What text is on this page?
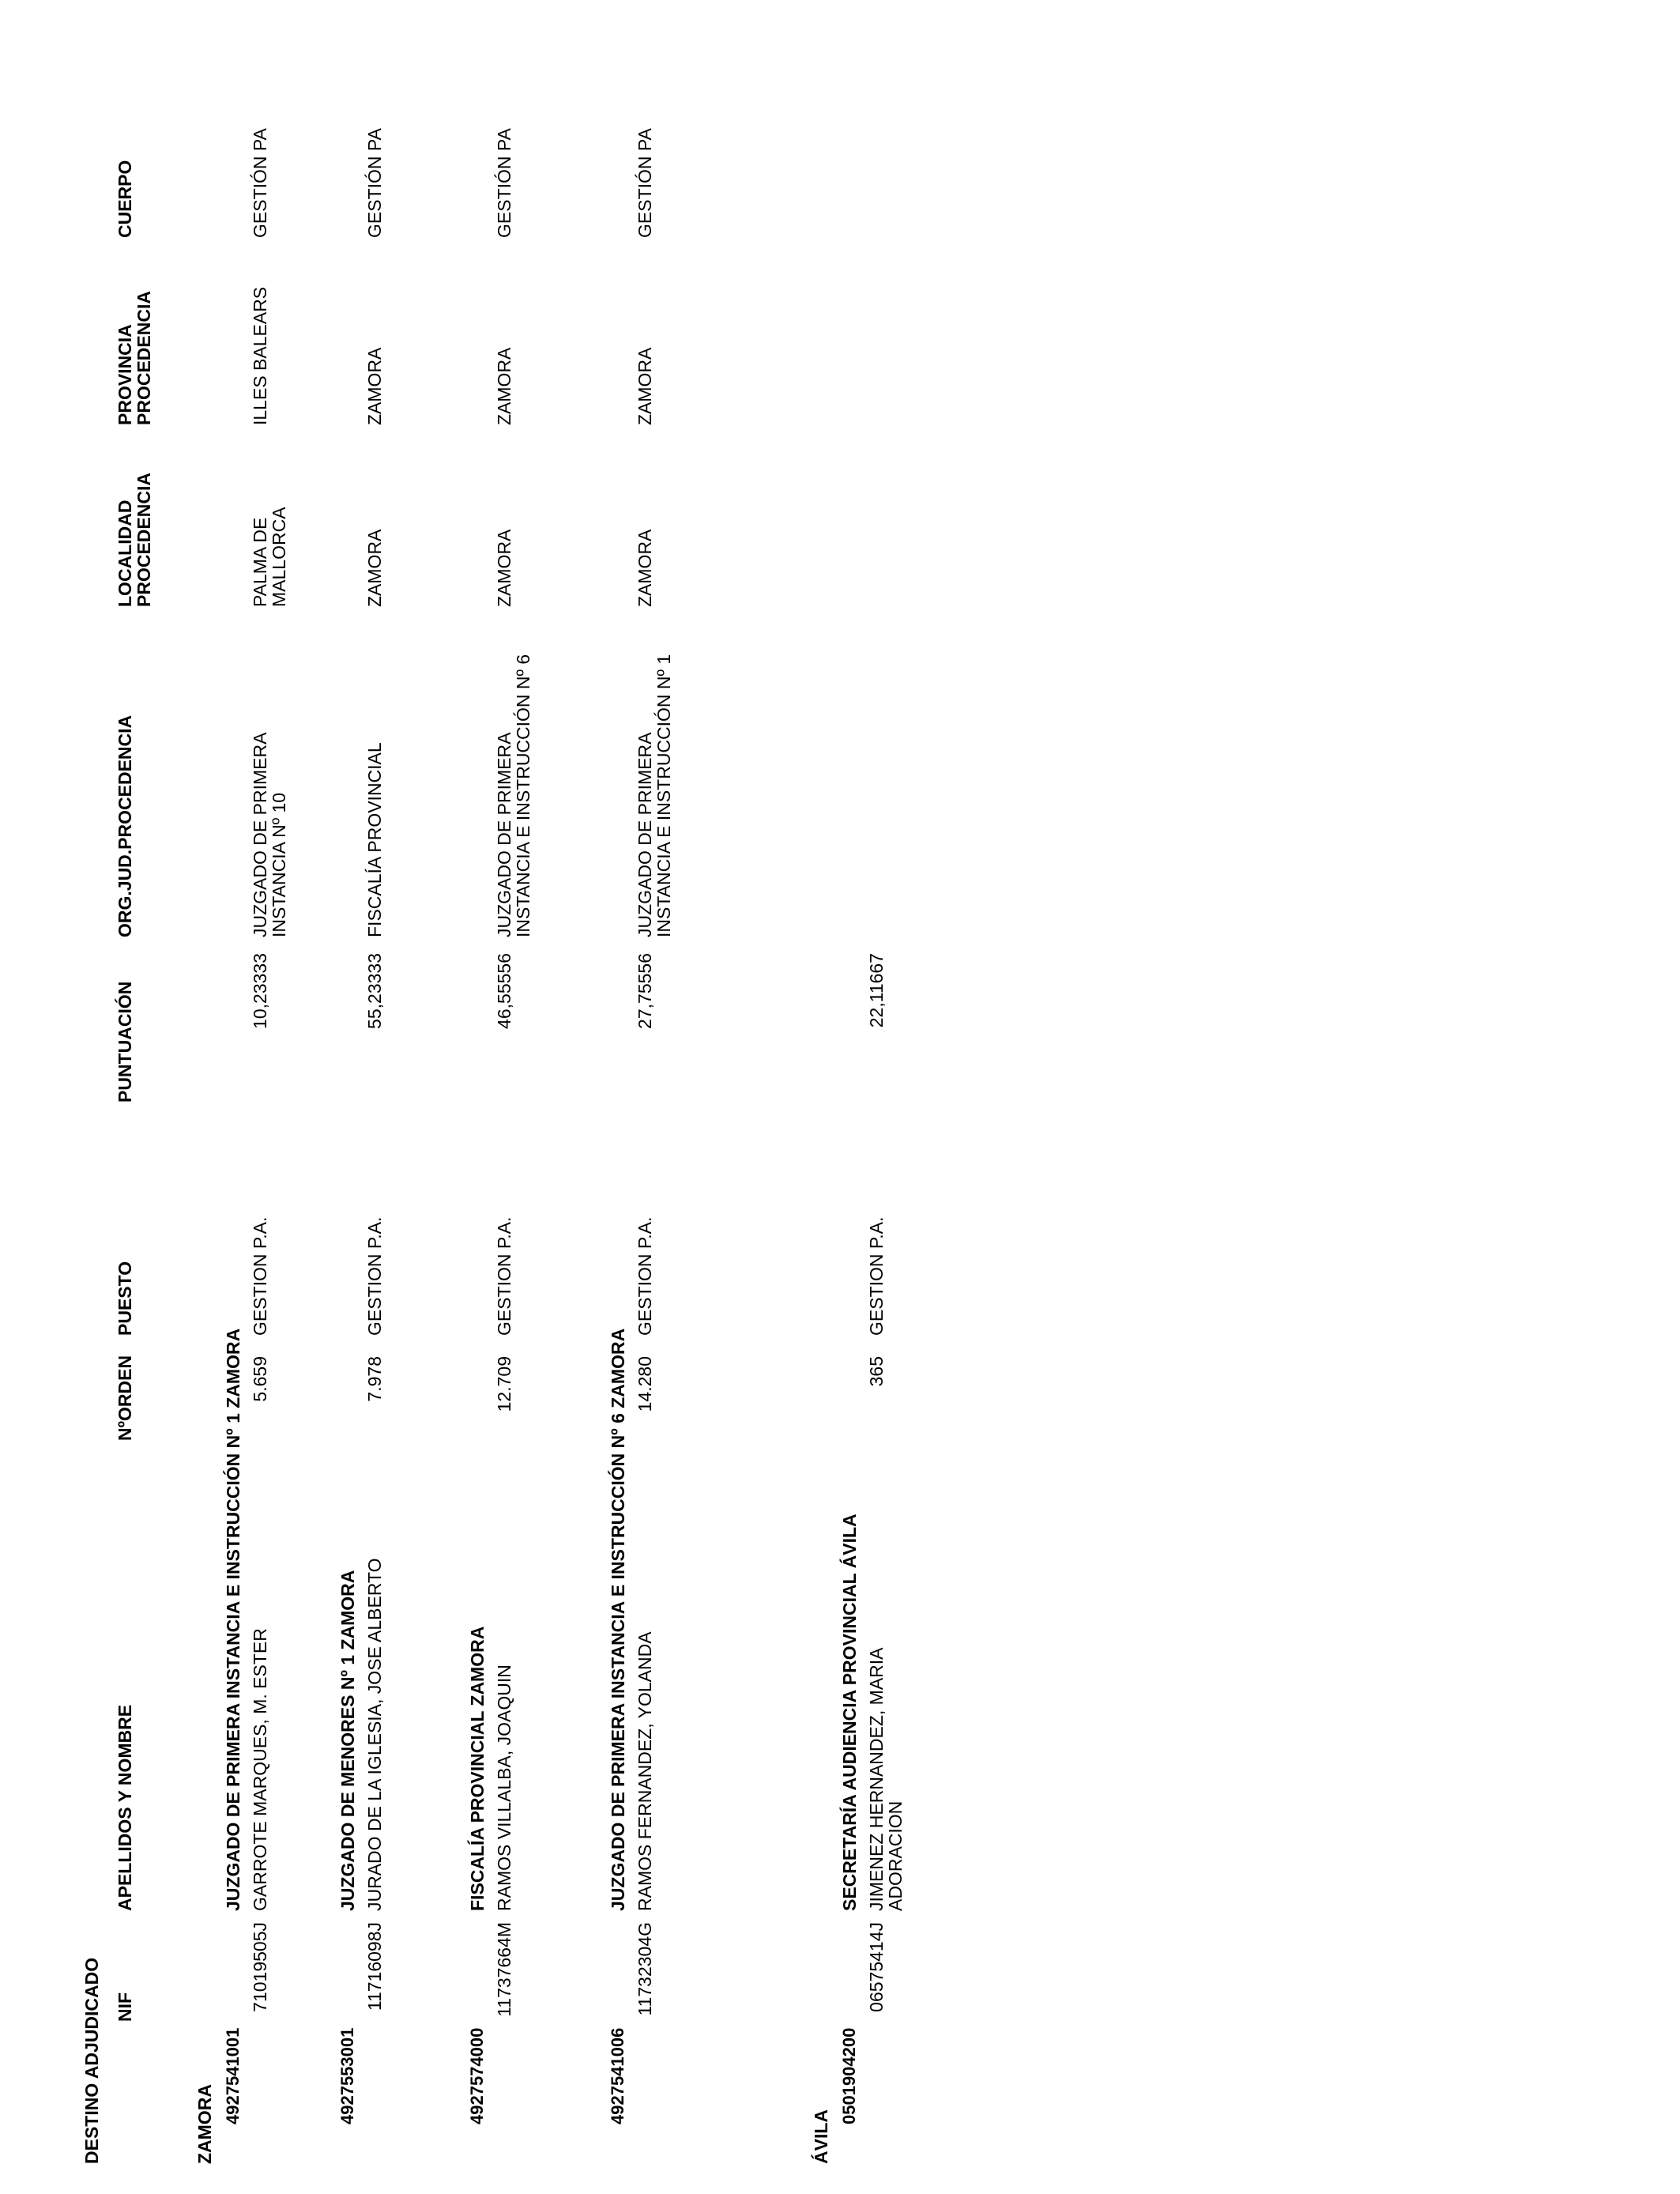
DESTINO ADJUDICADO NIF
APELLIDOS Y NOMBRE
NºORDEN
PUESTO
PUNTUACIÓN
ORG.JUD.PROCEDENCIA
LOCALIDAD
PROCEDENCIA
PROVINCIA
PROCEDENCIA
CUERPO
ZAMORA 4927541001
JUZGADO DE PRIMERA INSTANCIA E INSTRUCCIÓN Nº 1 ZAMORA
71019505J
GARROTE MARQUES, M. ESTER
5.659
GESTION P.A.
10,23333
JUZGADO DE PRIMERA
INSTANCIA Nº 10
PALMA DE
MALLORCA
ILLES BALEARS
GESTIÓN PA
4927553001
JUZGADO DE MENORES Nº 1 ZAMORA
11716098J
JURADO DE LA IGLESIA, JOSE ALBERTO
7.978
GESTION P.A.
55,23333
FISCALÍA PROVINCIAL
ZAMORA
ZAMORA
GESTIÓN PA
4927574000
FISCALÍA PROVINCIAL ZAMORA
11737664M
RAMOS VILLALBA, JOAQUIN
12.709
GESTION P.A.
46,55556
JUZGADO DE PRIMERA
INSTANCIA E INSTRUCCIÓN Nº 6
ZAMORA
ZAMORA
GESTIÓN PA
4927541006
JUZGADO DE PRIMERA INSTANCIA E INSTRUCCIÓN Nº 6 ZAMORA
11732304G
RAMOS FERNANDEZ, YOLANDA
14.280
GESTION P.A.
27,75556
JUZGADO DE PRIMERA
INSTANCIA E INSTRUCCIÓN Nº 1
ZAMORA
ZAMORA
GESTIÓN PA
ÁVILA
0501904200
SECRETARÍA AUDIENCIA PROVINCIAL ÁVILA
06575414J
JIMENEZ HERNANDEZ, MARIA
ADORACION
365
GESTION P.A.
22,11667
